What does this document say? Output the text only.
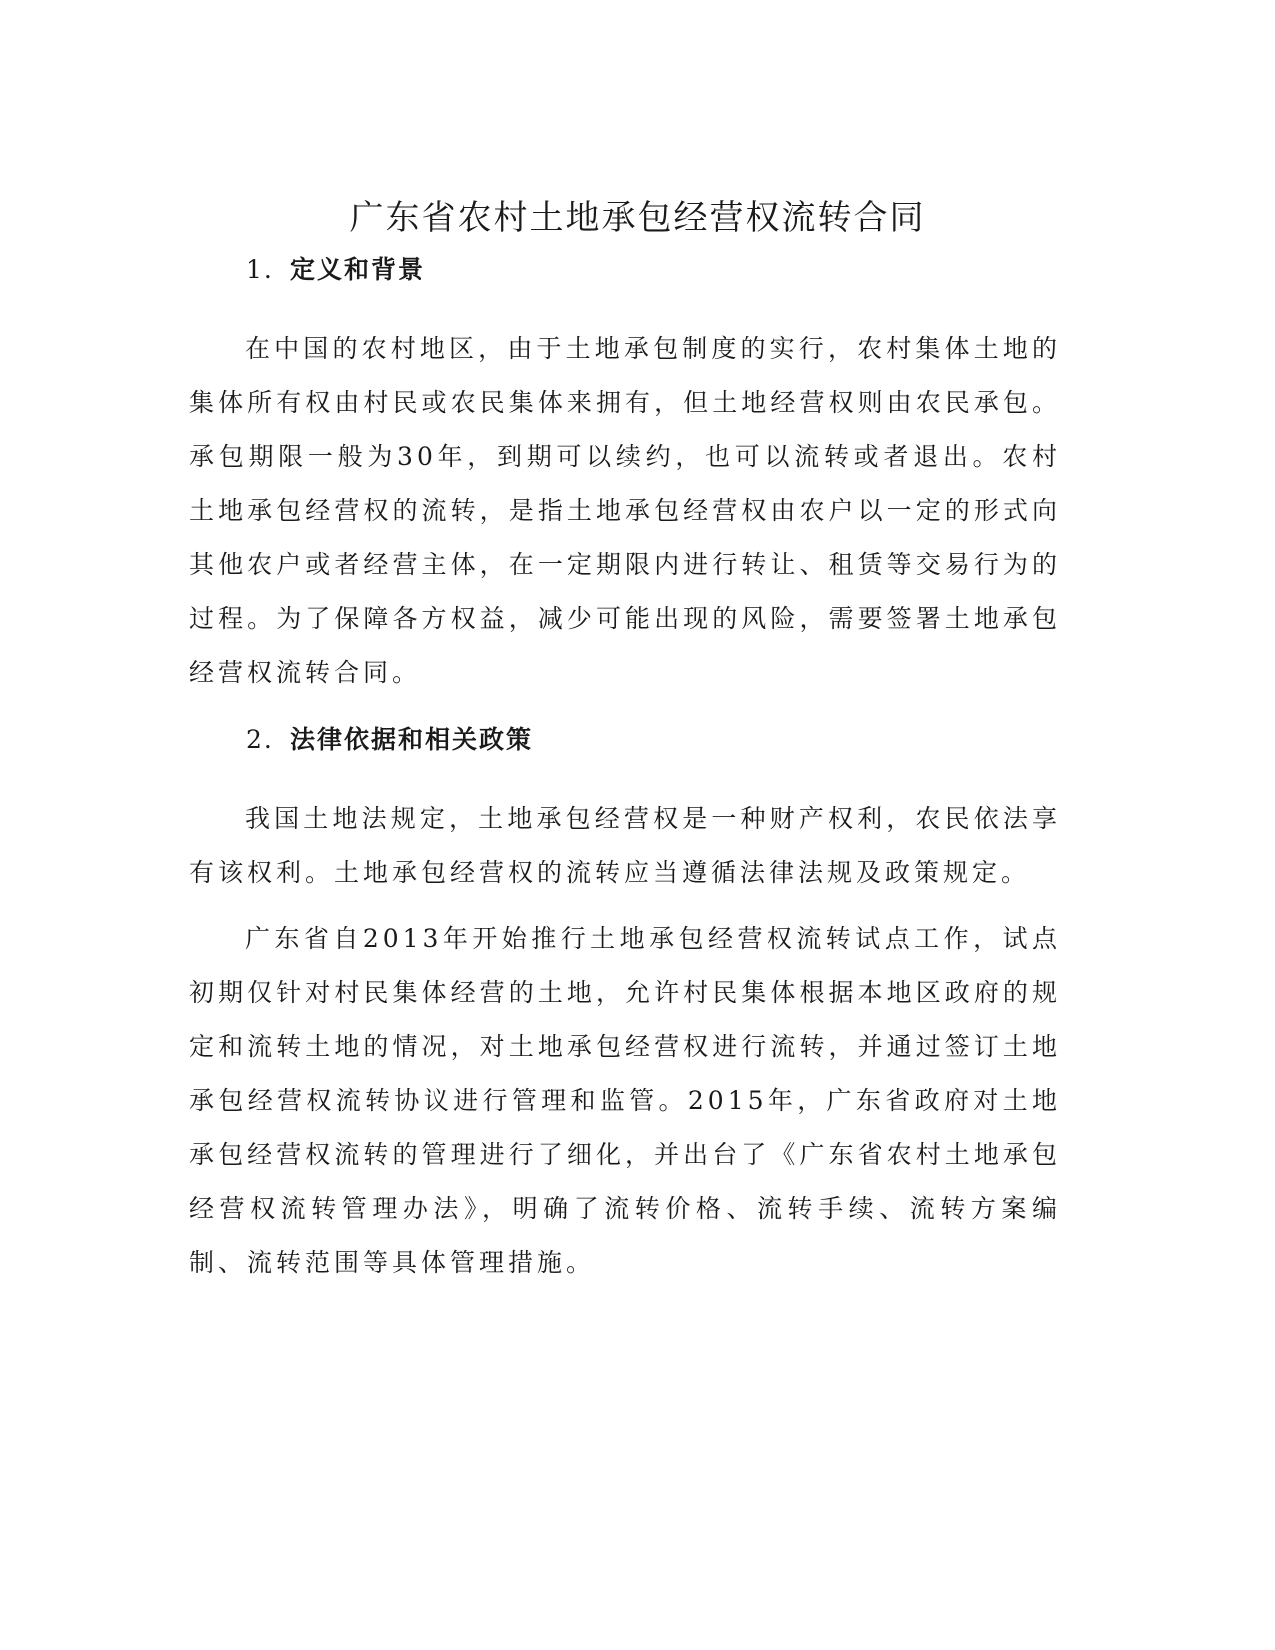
广东省农村土地承包经营权流转合同
1. 定义和背景

在中国的农村地区，由于土地承包制度的实行，农村集体土地的集体所有权由村民或农民集体来拥有，但土地经营权则由农民承包。承包期限一般为30年，到期可以续约，也可以流转或者退出。农村土地承包经营权的流转，是指土地承包经营权由农户以一定的形式向其他农户或者经营主体，在一定期限内进行转让、租赁等交易行为的过程。为了保障各方权益，减少可能出现的风险，需要签署土地承包经营权流转合同。

2. 法律依据和相关政策

我国土地法规定，土地承包经营权是一种财产权利，农民依法享有该权利。土地承包经营权的流转应当遵循法律法规及政策规定。

广东省自2013年开始推行土地承包经营权流转试点工作，试点初期仅针对村民集体经营的土地，允许村民集体根据本地区政府的规定和流转土地的情况，对土地承包经营权进行流转，并通过签订土地承包经营权流转协议进行管理和监管。2015年，广东省政府对土地承包经营权流转的管理进行了细化，并出台了《广东省农村土地承包经营权流转管理办法》，明确了流转价格、流转手续、流转方案编制、流转范围等具体管理措施。
